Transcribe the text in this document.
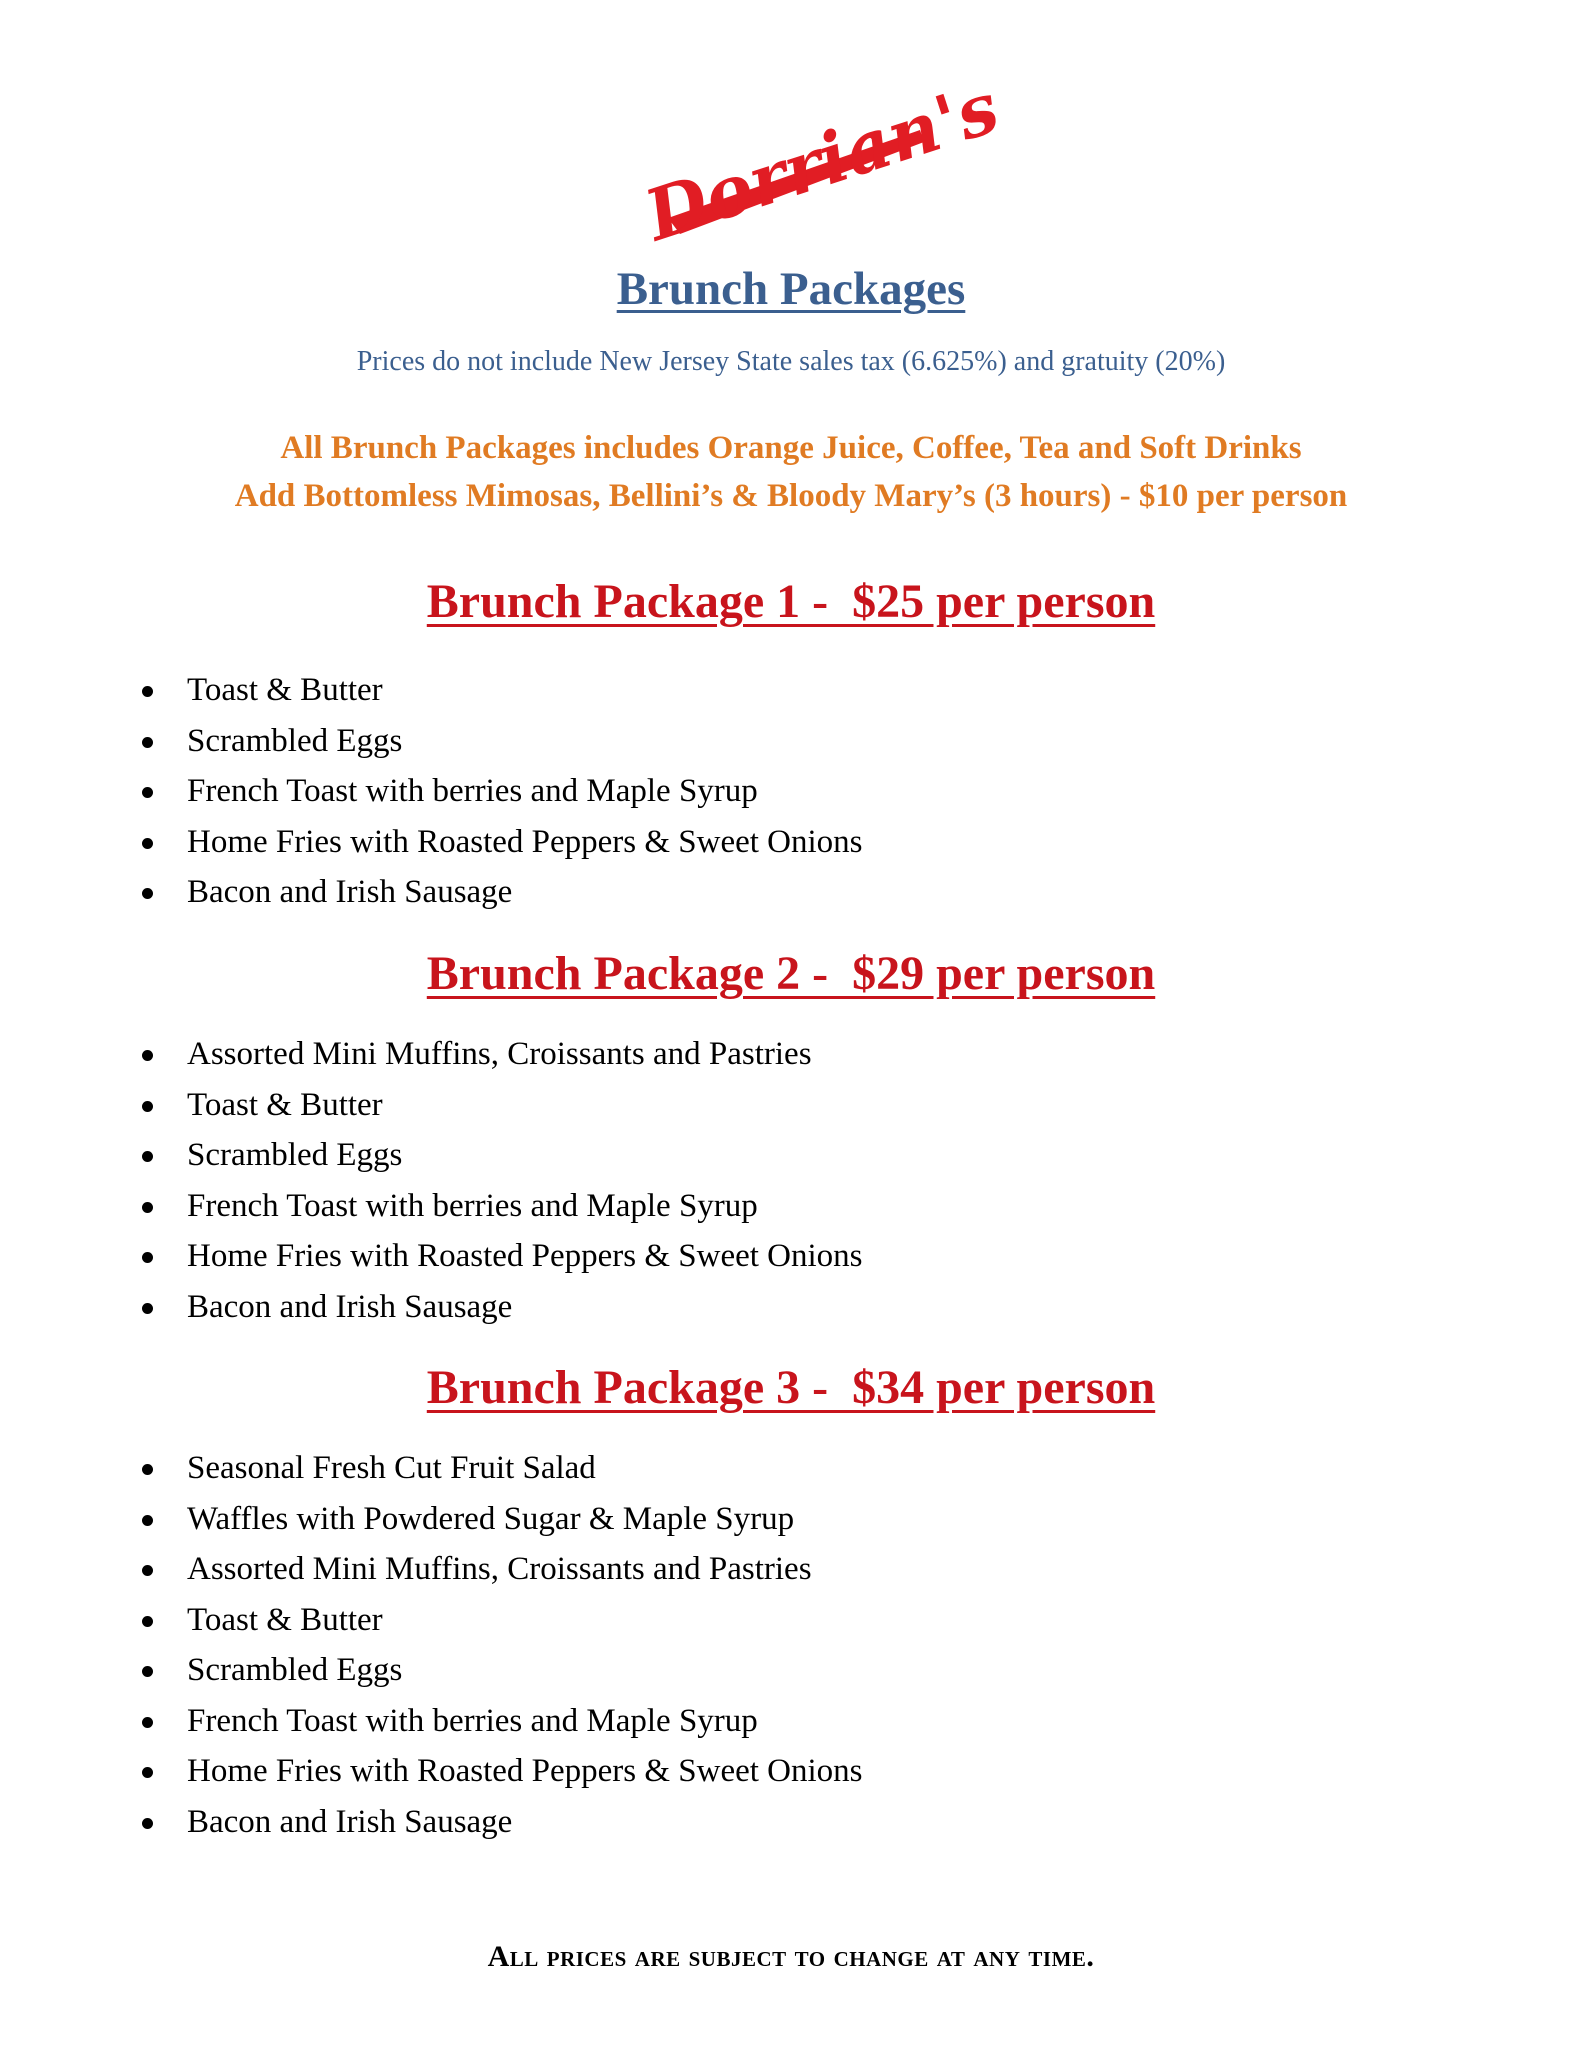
Dorrian's
Brunch Packages
Prices do not include New Jersey State sales tax (6.625%) and gratuity (20%)
All Brunch Packages includes Orange Juice, Coffee, Tea and Soft Drinks
Add Bottomless Mimosas, Bellini’s & Bloody Mary’s (3 hours) - $10 per person
Brunch Package 1 -  $25 per person
Toast & Butter
Scrambled Eggs
French Toast with berries and Maple Syrup
Home Fries with Roasted Peppers & Sweet Onions
Bacon and Irish Sausage
Brunch Package 2 -  $29 per person
Assorted Mini Muffins, Croissants and Pastries
Toast & Butter
Scrambled Eggs
French Toast with berries and Maple Syrup
Home Fries with Roasted Peppers & Sweet Onions
Bacon and Irish Sausage
Brunch Package 3 -  $34 per person
Seasonal Fresh Cut Fruit Salad
Waffles with Powdered Sugar & Maple Syrup
Assorted Mini Muffins, Croissants and Pastries
Toast & Butter
Scrambled Eggs
French Toast with berries and Maple Syrup
Home Fries with Roasted Peppers & Sweet Onions
Bacon and Irish Sausage
All prices are subject to change at any time.
